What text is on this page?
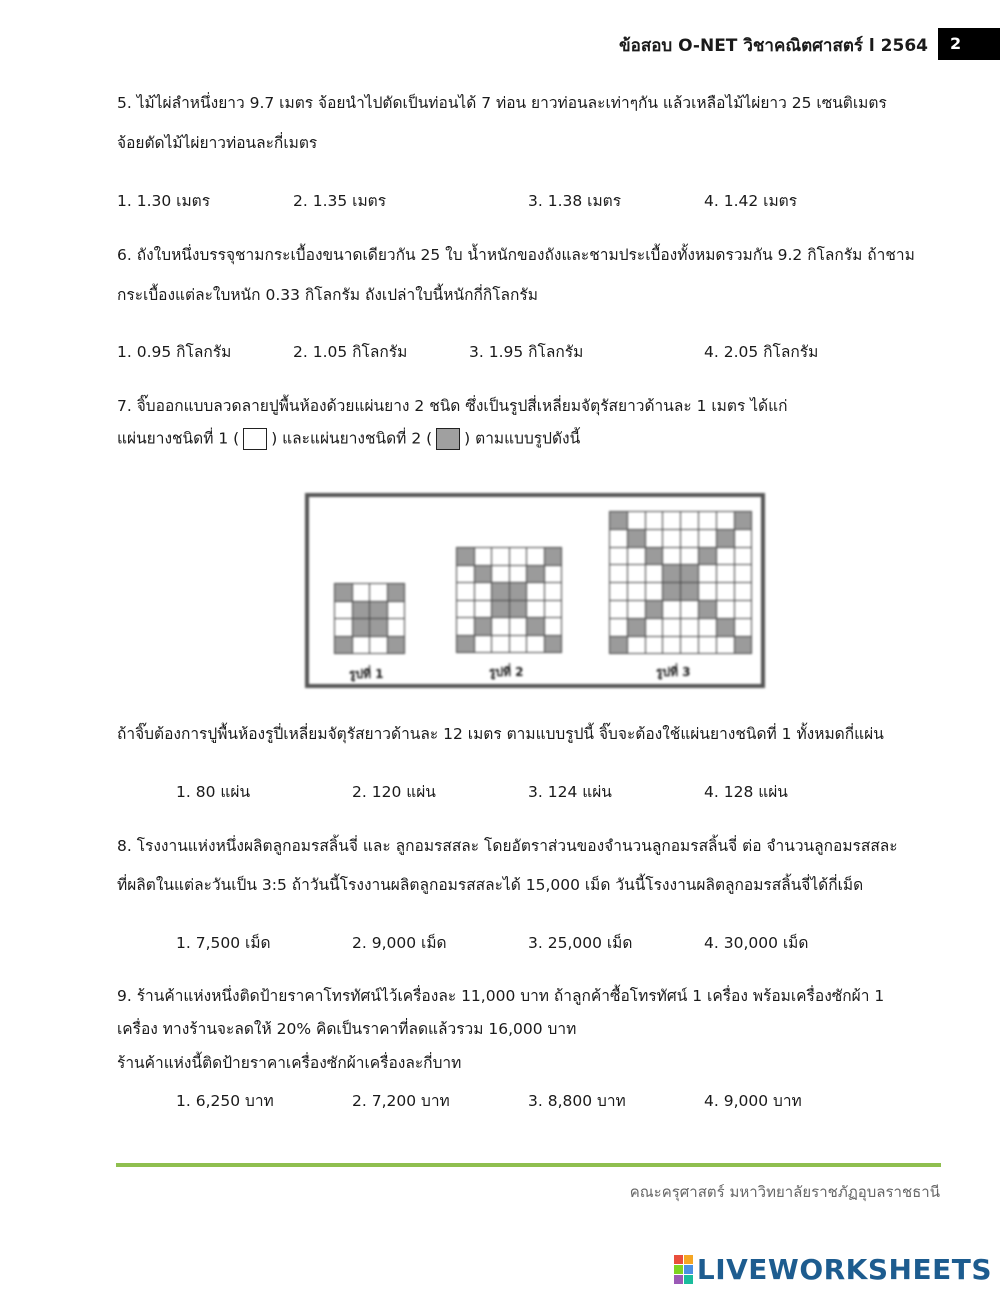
ข้อสอบ O-NET วิชาคณิตศาสตร์ l 2564	2
5. ไม้ไผ่ลำหนึ่งยาว 9.7 เมตร จ้อยนำไปตัดเป็นท่อนได้ 7 ท่อน ยาวท่อนละเท่าๆกัน แล้วเหลือไม้ไผ่ยาว 25 เซนติเมตร
จ้อยตัดไม้ไผ่ยาวท่อนละกี่เมตร
1. 1.30 เมตร	2. 1.35 เมตร	3. 1.38 เมตร	4. 1.42 เมตร
6. ถังใบหนึ่งบรรจุชามกระเบื้องขนาดเดียวกัน 25 ใบ น้ำหนักของถังและชามประเบื้องทั้งหมดรวมกัน 9.2 กิโลกรัม ถ้าชาม
กระเบื้องแต่ละใบหนัก 0.33 กิโลกรัม ถังเปล่าใบนี้หนักกี่กิโลกรัม
1. 0.95 กิโลกรัม	2. 1.05 กิโลกรัม	3. 1.95 กิโลกรัม	4. 2.05 กิโลกรัม
7. จิ๊บออกแบบลวดลายปูพื้นห้องด้วยแผ่นยาง 2 ชนิด ซึ่งเป็นรูปสี่เหลี่ยมจัตุรัสยาวด้านละ 1 เมตร ได้แก่
แผ่นยางชนิดที่ 1 ( ) และแผ่นยางชนิดที่ 2 ( ) ตามแบบรูปดังนี้
รูปที่ 1	รูปที่ 2	รูปที่ 3
ถ้าจิ๊บต้องการปูพื้นห้องรูปี่เหลี่ยมจัตุรัสยาวด้านละ 12 เมตร ตามแบบรูปนี้ จิ๊บจะต้องใช้แผ่นยางชนิดที่ 1 ทั้งหมดกี่แผ่น
1. 80 แผ่น	2. 120 แผ่น	3. 124 แผ่น	4. 128 แผ่น
8. โรงงานแห่งหนึ่งผลิตลูกอมรสลิ้นจี่ และ ลูกอมรสสละ โดยอัตราส่วนของจำนวนลูกอมรสลิ้นจี่ ต่อ จำนวนลูกอมรสสละ
ที่ผลิตในแต่ละวันเป็น 3:5 ถ้าวันนี้โรงงานผลิตลูกอมรสสละได้ 15,000 เม็ด วันนี้โรงงานผลิตลูกอมรสลิ้นจี่ได้กี่เม็ด
1. 7,500 เม็ด	2. 9,000 เม็ด	3. 25,000 เม็ด	4. 30,000 เม็ด
9. ร้านค้าแห่งหนึ่งติดป้ายราคาโทรทัศน์ไว้เครื่องละ 11,000 บาท ถ้าลูกค้าซื้อโทรทัศน์ 1 เครื่อง พร้อมเครื่องซักผ้า 1
เครื่อง ทางร้านจะลดให้ 20% คิดเป็นราคาที่ลดแล้วรวม 16,000 บาท
ร้านค้าแห่งนี้ติดป้ายราคาเครื่องซักผ้าเครื่องละกี่บาท
1. 6,250 บาท	2. 7,200 บาท	3. 8,800 บาท	4. 9,000 บาท
คณะครุศาสตร์ มหาวิทยาลัยราชภัฏอุบลราชธานี
LIVEWORKSHEETS
